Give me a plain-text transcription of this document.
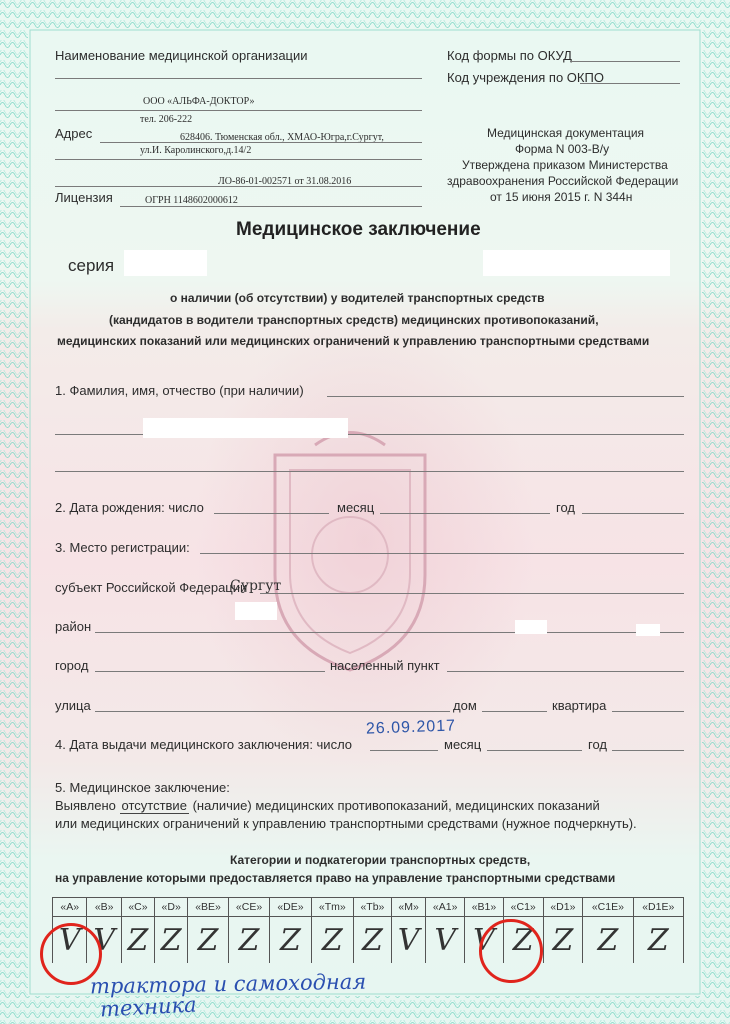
Наименование медицинской организации
ООО «АЛЬФА-ДОКТОР»
Адрес
тел. 206-222
628406. Тюменская обл., ХМАО-Югра,г.Сургут,
ул.И. Каролинского,д.14/2
ЛО-86-01-002571 от 31.08.2016
Лицензия	ОГРН 1148602000612
Код формы по ОКУД
Код учреждения по ОКПО
Медицинская документация
Форма N 003-В/у
Утверждена приказом Министерства
здравоохранения Российской Федерации
от 15 июня 2015 г. N 344н
Медицинское заключение
серия
о наличии (об отсутствии) у водителей транспортных средств
(кандидатов в водители транспортных средств) медицинских противопоказаний,
медицинских показаний или медицинских ограничений к управлению транспортными средствами
1. Фамилия, имя, отчество (при наличии)
2. Дата рождения: число	месяц	год
3. Место регистрации:
субъект Российской Федерации
Сургут
район
город	населенный пункт
улица	дом	квартира
4. Дата выдачи медицинского заключения: число
26.09.2017
месяц	год
5. Медицинское заключение:
Выявлено отсутствие (наличие) медицинских противопоказаний, медицинских показаний
или медицинских ограничений к управлению транспортными средствами (нужное подчеркнуть).
Категории и подкатегории транспортных средств,
на управление которыми предоставляется право на управление транспортными средствами
«A»	«B»	«C»	«D»	«BE»	«CE»	«DE»	«Tm»	«Tb»	«M»	«A1»	«B1»	«C1»	«D1»	«C1E»	«D1E»
V	V	Z	Z	Z	Z	Z	Z	Z	V	V	V	Z	Z	Z	Z
трактора и самоходная
техника
